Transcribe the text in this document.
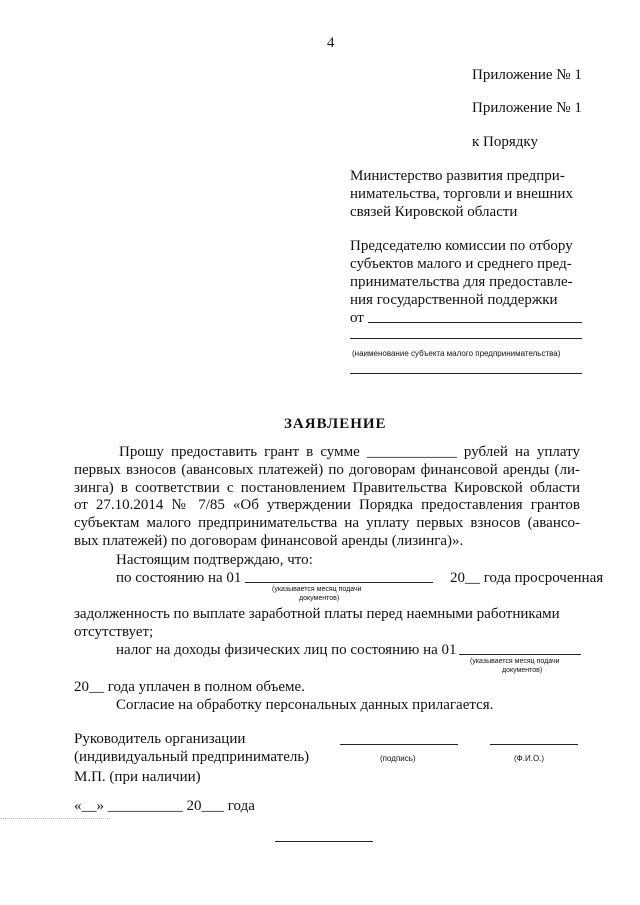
4
Приложение № 1
Приложение № 1
к Порядку
Министерство развития предпри-
нимательства, торговли и внешних
связей Кировской области
Председателю комиссии по отбору
субъектов малого и среднего пред-
принимательства для предоставле-
ния государственной поддержки
от
(наименование субъекта малого предпринимательства)
ЗАЯВЛЕНИЕ
Прошу предоставить грант в сумме ____________ рублей на уплату
первых взносов (авансовых платежей) по договорам финансовой аренды (ли-
зинга) в соответствии с постановлением Правительства Кировской области
от 27.10.2014 № 7/85 «Об утверждении Порядка предоставления грантов
субъектам малого предпринимательства на уплату первых взносов (авансо-
вых платежей) по договорам финансовой аренды (лизинга)».
Настоящим подтверждаю, что:
по состоянию на 01	20__ года просроченная
(указывается месяц подачи
документов)
задолженность по выплате заработной платы перед наемными работниками
отсутствует;
налог на доходы физических лиц по состоянию на 01
(указывается месяц подачи
документов)
20__ года уплачен в полном объеме.
Согласие на обработку персональных данных прилагается.
Руководитель организации
(индивидуальный предприниматель)	(подпись)	(Ф.И.О.)
М.П. (при наличии)
«__» __________ 20___ года
